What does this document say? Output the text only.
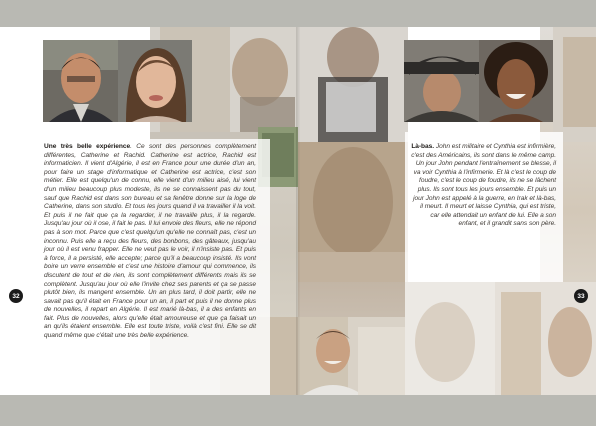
Une très belle expérience. Ce sont des personnes complètement différentes, Catherine et Rachid. Catherine est actrice, Rachid est informaticien. Il vient d'Algérie, il est en France pour une durée d'un an, pour faire un stage d'informatique et Catherine est actrice, c'est son métier. Elle est quelqu'un de connu, elle vient d'un milieu aisé, lui vient d'un milieu beaucoup plus modeste, ils ne se connaissent pas du tout, sauf que Rachid est dans son bureau et sa fenêtre donne sur la loge de Catherine, dans son studio. Et tous les jours quand il va travailler il la voit. Et puis il ne fait que ça la regarder, il ne travaille plus, il la regarde. Jusqu'au jour où il ose, il fait le pas. Il lui envoie des fleurs, elle ne répond pas à son mot. Parce que c'est quelqu'un qu'elle ne connaît pas, c'est un inconnu. Puis elle a reçu des fleurs, des bonbons, des gâteaux, jusqu'au jour où il est venu frapper. Elle ne veut pas le voir, il n'insiste pas. Et puis à force, il a persisté, elle accepte; parce qu'il a beaucoup insisté. Ils vont boire un verre ensemble et c'est une histoire d'amour qui commence, ils discutent de tout et de rien, ils sont complètement différents mais ils se complètent. Jusqu'au jour où elle l'invite chez ses parents et ça se passe plutôt bien, ils mangent ensemble. Un an plus tard, il doit partir, elle ne savait pas qu'il était en France pour un an, il part et puis il ne donne plus de nouvelles, il repart en Algérie. Il est marié là-bas, il a des enfants en fait. Plus de nouvelles, alors qu'elle était amoureuse et que ça faisait un an qu'ils étaient ensemble. Elle est toute triste, voilà c'est fini. Elle se dit quand même que c'était une très belle expérience.
Là-bas. John est militaire et Cynthia est infirmière, c'est des Américains, ils sont dans le même camp. Un jour John pendant l'entraînement se blesse, il va voir Cynthia à l'infirmerie. Et là c'est le coup de foudre, c'est le coup de foudre, ils ne se lâchent plus. Ils sont tous les jours ensemble. Et puis un jour John est appelé à la guerre, en Irak et là-bas, il meurt. Il meurt et laisse Cynthia, qui est triste, car elle attendait un enfant de lui. Elle a son enfant, et il grandit sans son père.
32	33
